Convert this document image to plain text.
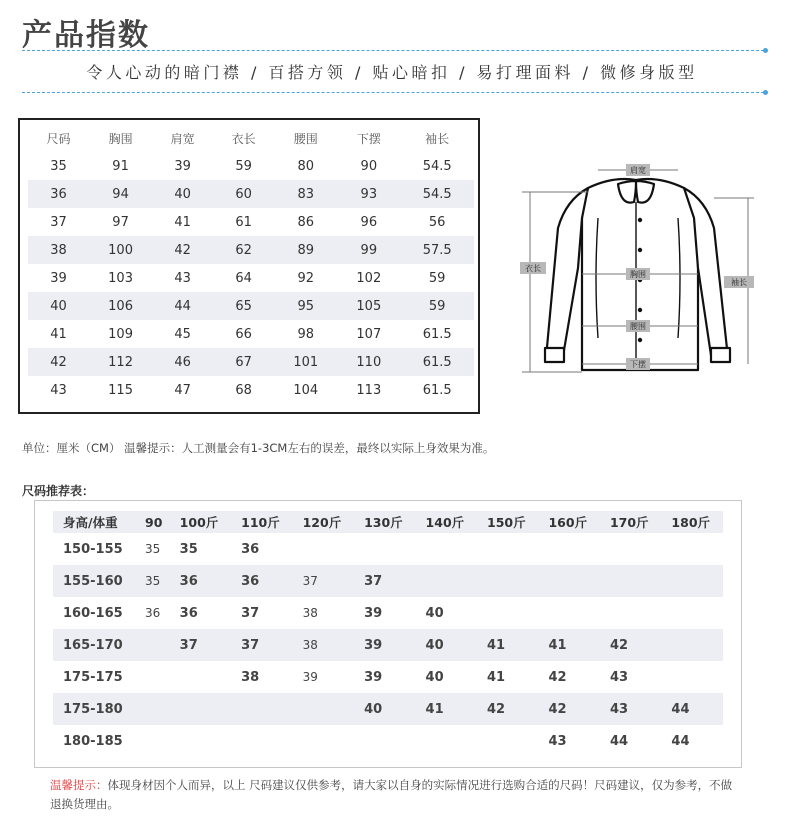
产品指数
令人心动的暗门襟 / 百搭方领 / 贴心暗扣 / 易打理面料 / 微修身版型
尺码	胸围	肩宽	衣长	腰围	下摆	袖长
35	91	39	59	80	90	54.5
36	94	40	60	83	93	54.5
37	97	41	61	86	96	56
38	100	42	62	89	99	57.5
39	103	43	64	92	102	59
40	106	44	65	95	105	59
41	109	45	66	98	107	61.5
42	112	46	67	101	110	61.5
43	115	47	68	104	113	61.5
肩宽
衣长
胸围
腰围
下摆
袖长
单位：厘米（CM） 温馨提示：人工测量会有1-3CM左右的误差，最终以实际上身效果为准。
尺码推荐表：
身高/体重	90	100斤	110斤	120斤	130斤	140斤	150斤	160斤	170斤	180斤
150-155	35	35	36							
155-160	35	36	36	37	37					
160-165	36	36	37	38	39	40				
165-170		37	37	38	39	40	41	41	42	
175-175			38	39	39	40	41	42	43	
175-180					40	41	42	42	43	44
180-185								43	44	44
温馨提示：体现身材因个人而异，以上 尺码建议仅供参考，请大家以自身的实际情况进行选购合适的尺码！尺码建议，仅为参考，不做退换货理由。
